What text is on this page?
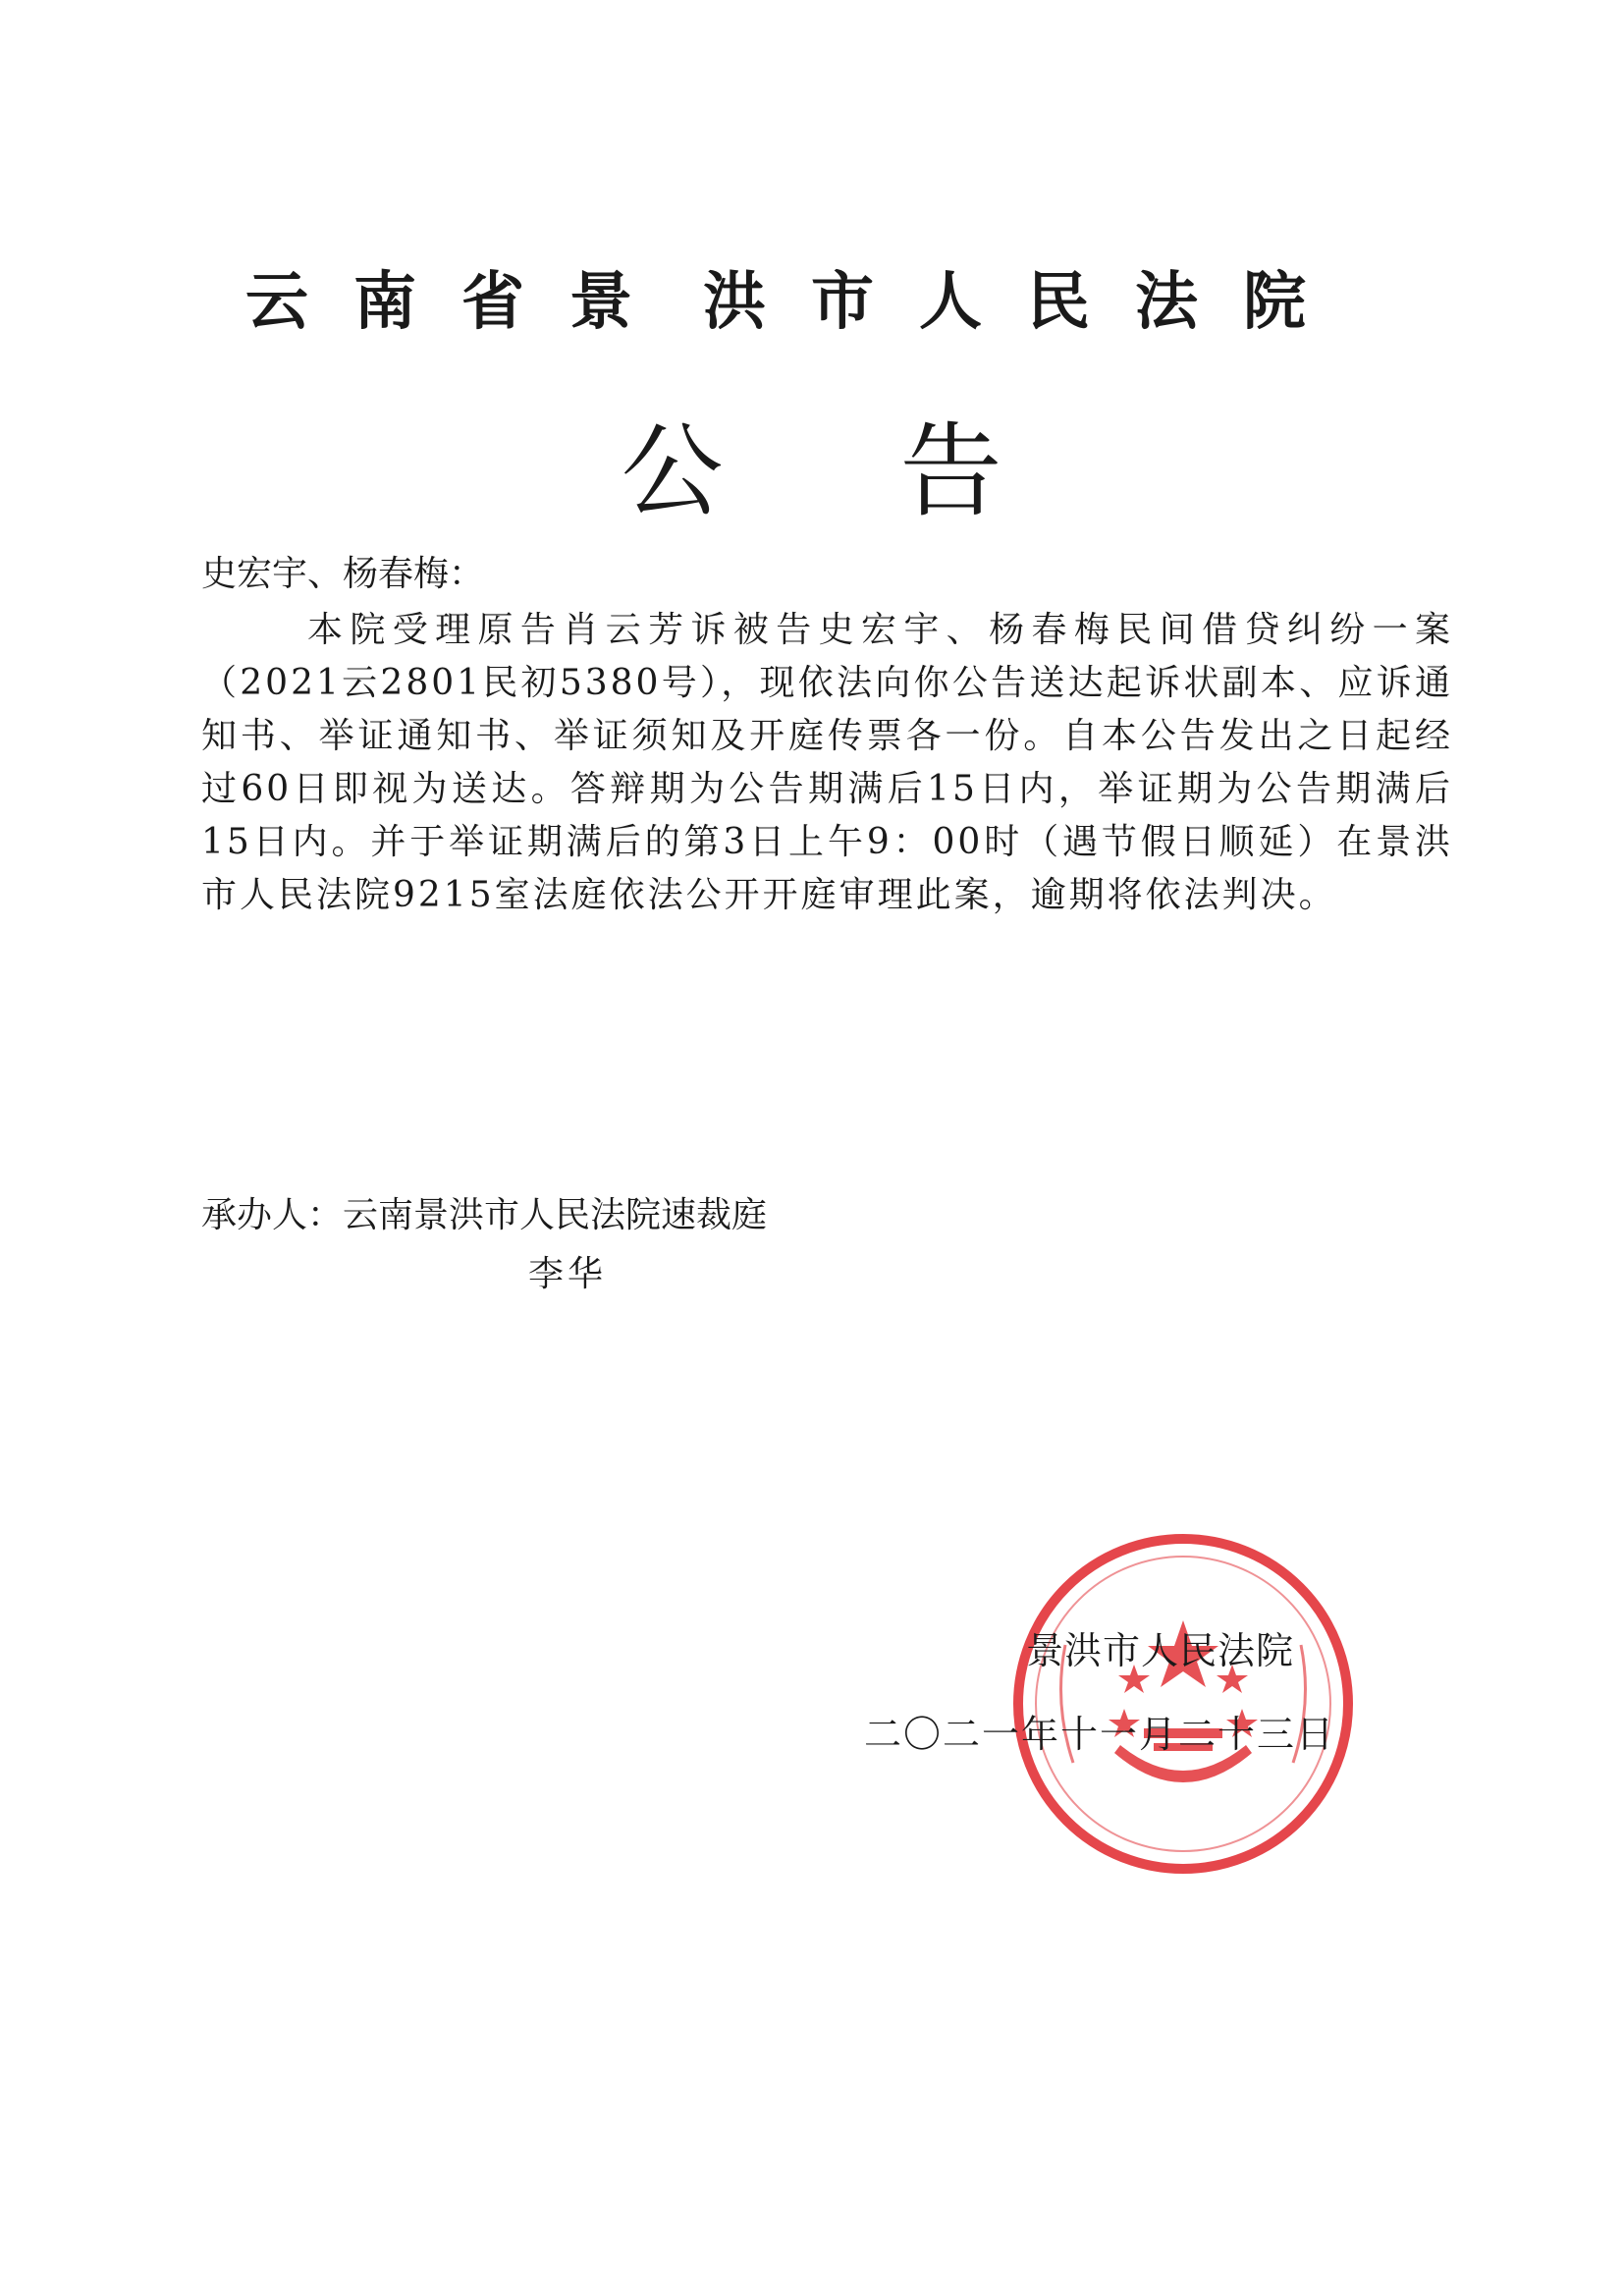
云 南 省 景 洪 市 人 民 法 院
公 告
史宏宇、杨春梅：
本院受理原告肖云芳诉被告史宏宇、杨春梅民间借贷纠纷一案（2021云2801民初5380号），现依法向你公告送达起诉状副本、应诉通知书、举证通知书、举证须知及开庭传票各一份。自本公告发出之日起经过60日即视为送达。答辩期为公告期满后15日内，举证期为公告期满后15日内。并于举证期满后的第3日上午9：00时（遇节假日顺延）在景洪市人民法院9215室法庭依法公开开庭审理此案，逾期将依法判决。
承办人：云南景洪市人民法院速裁庭
李华
景洪市人民法院
二〇二一年十一月二十三日
